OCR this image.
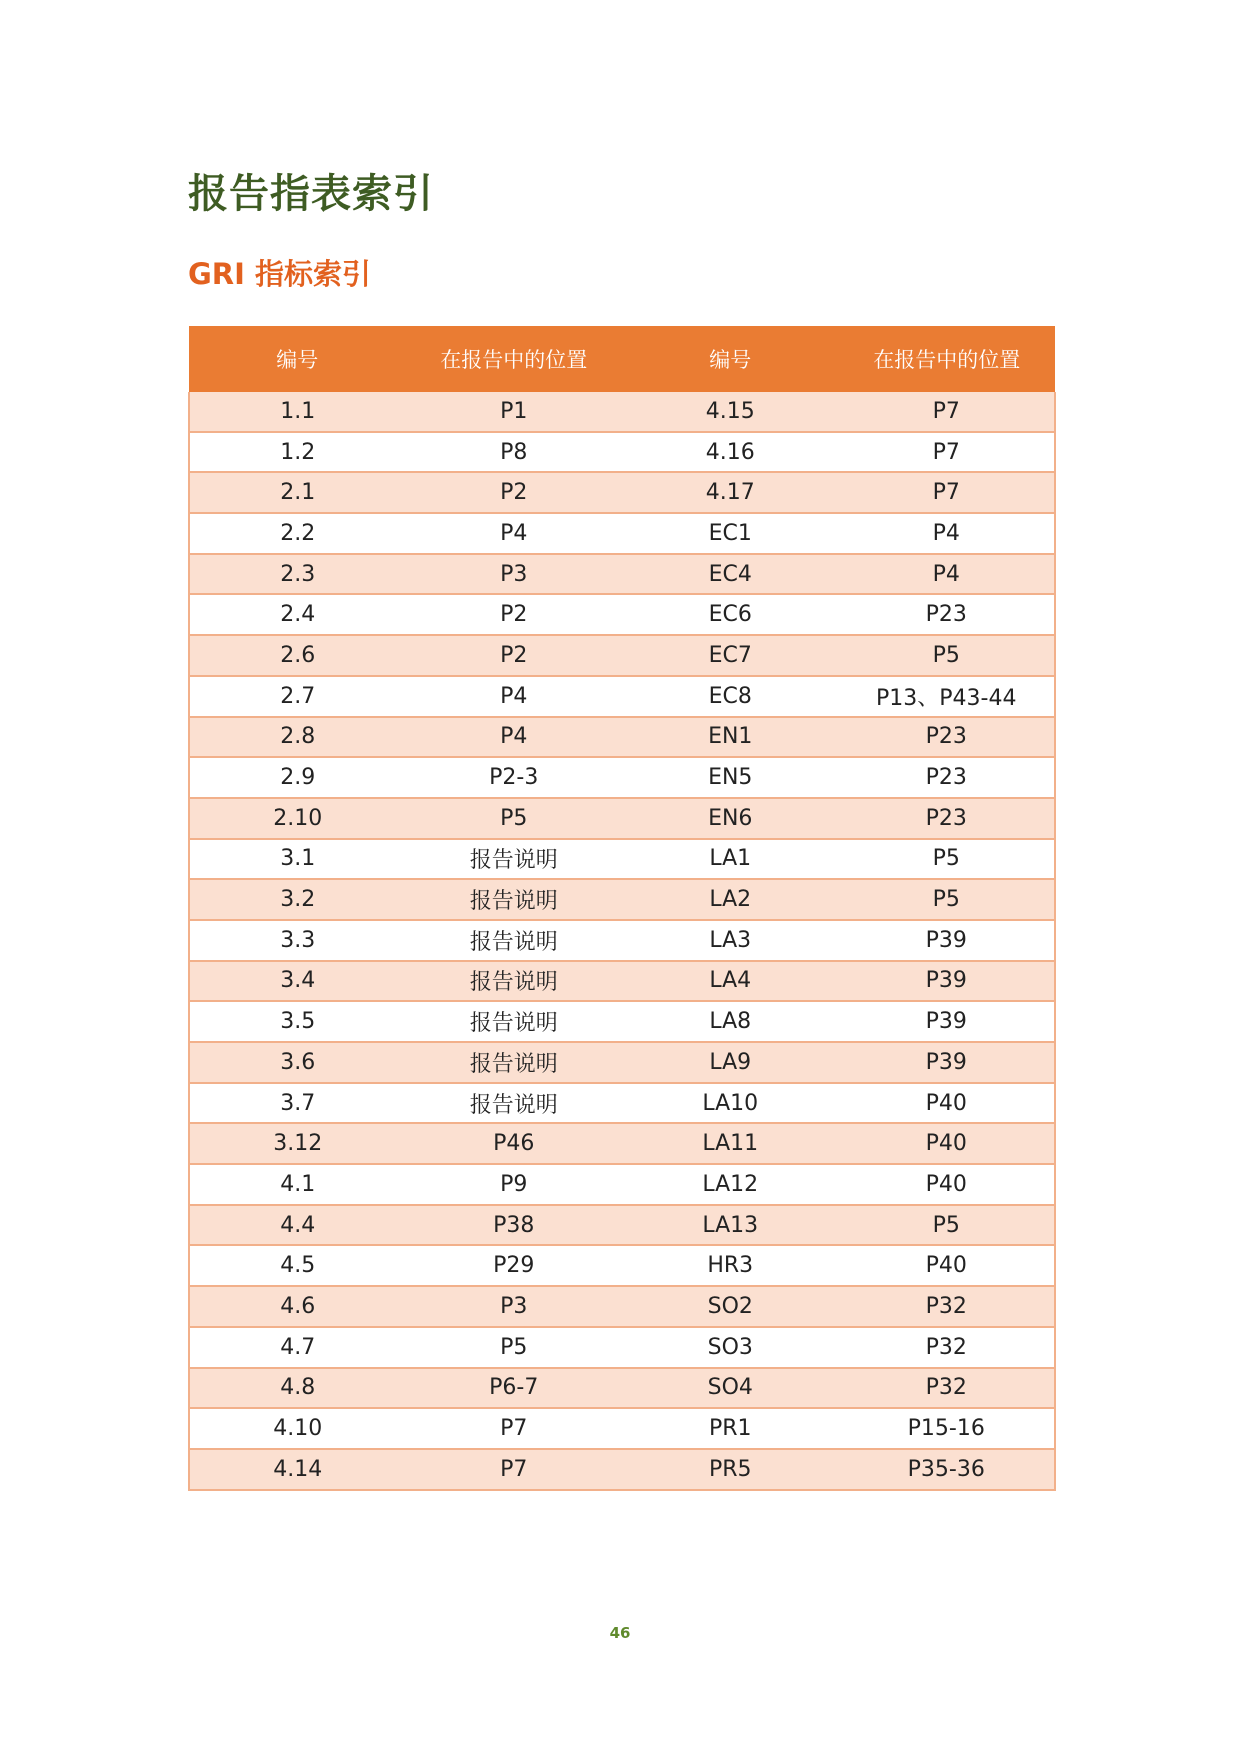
报告指表索引
GRI 指标索引
编号	在报告中的位置	编号	在报告中的位置
1.1	P1	4.15	P7
1.2	P8	4.16	P7
2.1	P2	4.17	P7
2.2	P4	EC1	P4
2.3	P3	EC4	P4
2.4	P2	EC6	P23
2.6	P2	EC7	P5
2.7	P4	EC8	P13、P43-44
2.8	P4	EN1	P23
2.9	P2-3	EN5	P23
2.10	P5	EN6	P23
3.1	报告说明	LA1	P5
3.2	报告说明	LA2	P5
3.3	报告说明	LA3	P39
3.4	报告说明	LA4	P39
3.5	报告说明	LA8	P39
3.6	报告说明	LA9	P39
3.7	报告说明	LA10	P40
3.12	P46	LA11	P40
4.1	P9	LA12	P40
4.4	P38	LA13	P5
4.5	P29	HR3	P40
4.6	P3	SO2	P32
4.7	P5	SO3	P32
4.8	P6-7	SO4	P32
4.10	P7	PR1	P15-16
4.14	P7	PR5	P35-36
46
